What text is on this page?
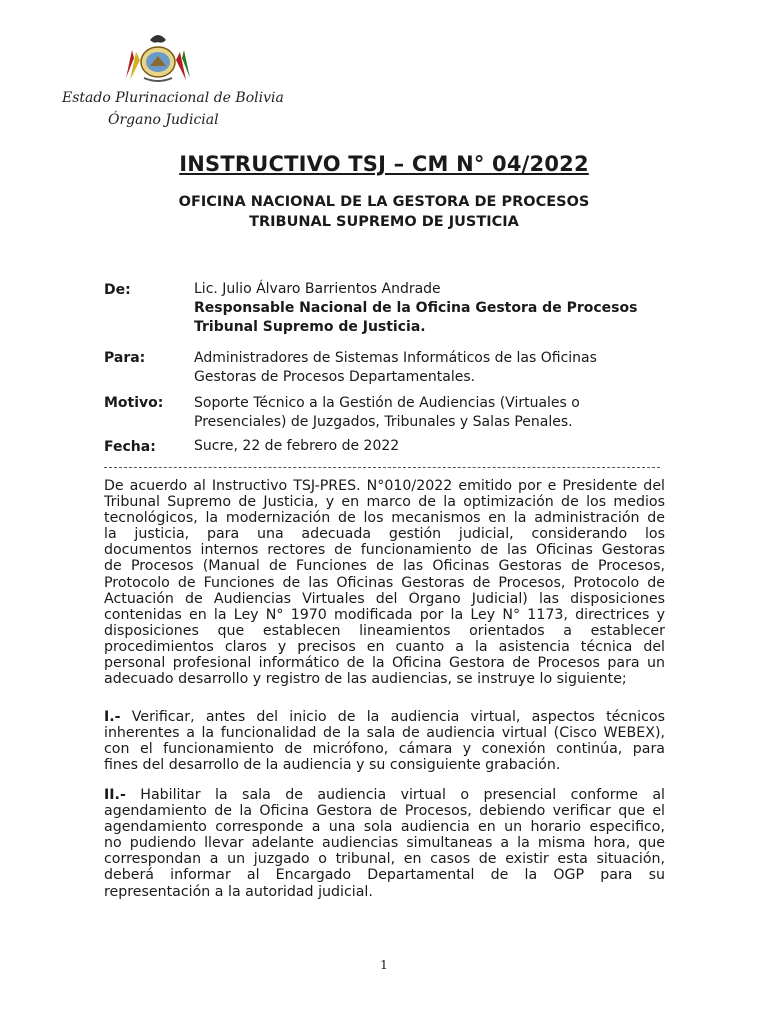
Estado Plurinacional de Bolivia
Órgano Judicial
INSTRUCTIVO TSJ – CM N° 04/2022
OFICINA NACIONAL DE LA GESTORA DE PROCESOS
TRIBUNAL SUPREMO DE JUSTICIA
De:	Lic. Julio Álvaro Barrientos Andrade
Responsable Nacional de la Oficina Gestora de Procesos
Tribunal Supremo de Justicia.
Para:	Administradores de Sistemas Informáticos de las Oficinas
Gestoras de Procesos Departamentales.
Motivo: Soporte Técnico a la Gestión de Audiencias (Virtuales o
Presenciales) de Juzgados, Tribunales y Salas Penales.
Fecha:	Sucre, 22 de febrero de 2022
De acuerdo al Instructivo TSJ-PRES. N°010/2022 emitido por e Presidente del
Tribunal Supremo de Justicia, y en marco de la optimización de los medios
tecnológicos, la modernización de los mecanismos en la administración de
la justicia, para una adecuada gestión judicial, considerando los
documentos internos rectores de funcionamiento de las Oficinas Gestoras
de Procesos (Manual de Funciones de las Oficinas Gestoras de Procesos,
Protocolo de Funciones de las Oficinas Gestoras de Procesos, Protocolo de
Actuación de Audiencias Virtuales del Órgano Judicial) las disposiciones
contenidas en la Ley N° 1970 modificada por la Ley N° 1173, directrices y
disposiciones que establecen lineamientos orientados a establecer
procedimientos claros y precisos en cuanto a la asistencia técnica del
personal profesional informático de la Oficina Gestora de Procesos para un
adecuado desarrollo y registro de las audiencias, se instruye lo siguiente;
I.- Verificar, antes del inicio de la audiencia virtual, aspectos técnicos
inherentes a la funcionalidad de la sala de audiencia virtual (Cisco WEBEX),
con el funcionamiento de micrófono, cámara y conexión continúa, para
fines del desarrollo de la audiencia y su consiguiente grabación.
II.- Habilitar la sala de audiencia virtual o presencial conforme al
agendamiento de la Oficina Gestora de Procesos, debiendo verificar que el
agendamiento corresponde a una sola audiencia en un horario especifico,
no pudiendo llevar adelante audiencias simultaneas a la misma hora, que
correspondan a un juzgado o tribunal, en casos de existir esta situación,
deberá informar al Encargado Departamental de la OGP para su
representación a la autoridad judicial.
1
